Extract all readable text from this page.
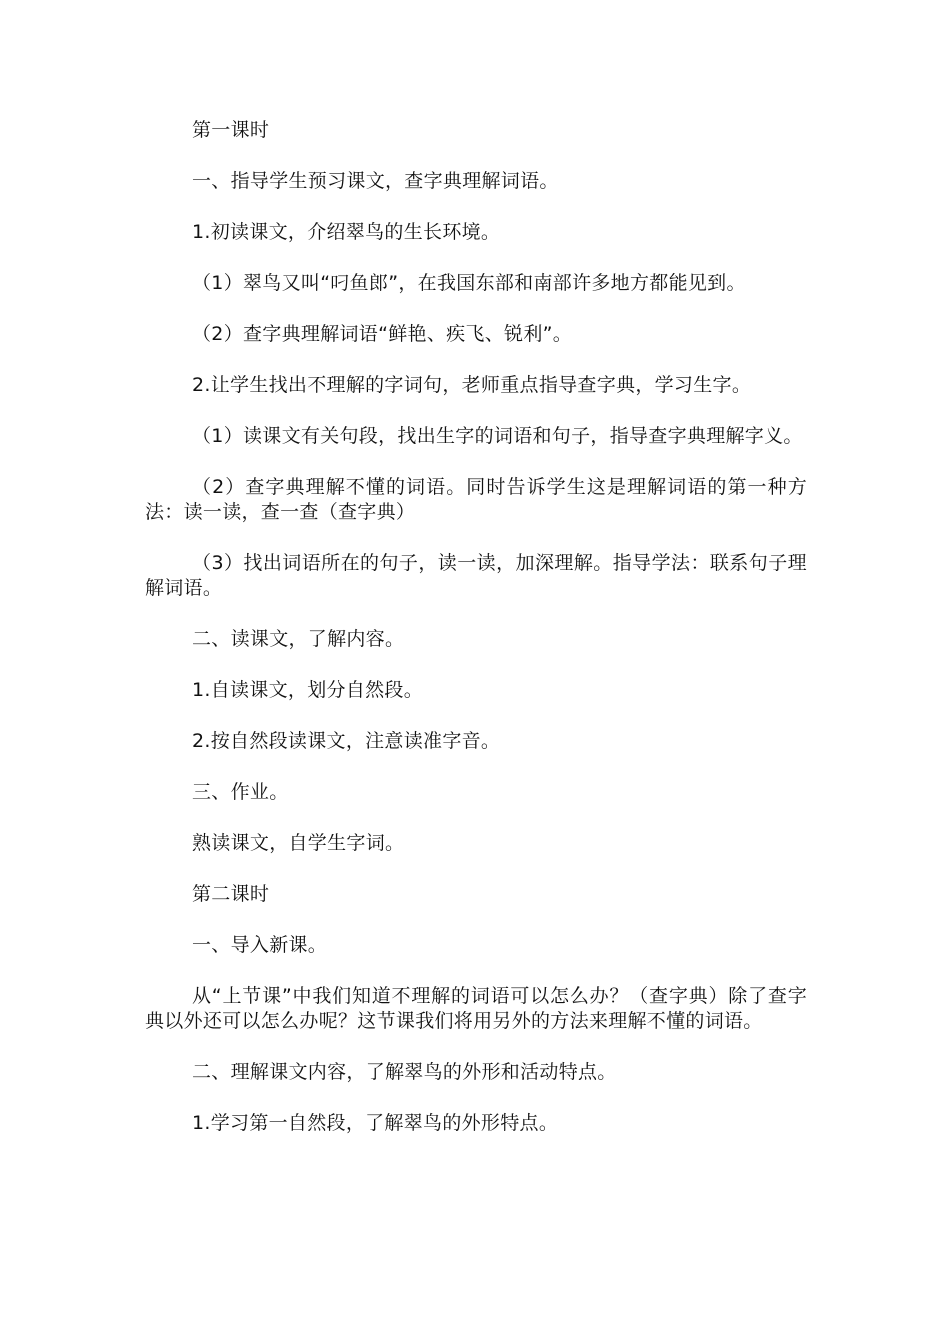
第一课时

一、指导学生预习课文，查字典理解词语。

1.初读课文，介绍翠鸟的生长环境。

（1）翠鸟又叫“叼鱼郎”，在我国东部和南部许多地方都能见到。

（2）查字典理解词语“鲜艳、疾飞、锐利”。

2.让学生找出不理解的字词句，老师重点指导查字典，学习生字。

（1）读课文有关句段，找出生字的词语和句子，指导查字典理解字义。

（2）查字典理解不懂的词语。同时告诉学生这是理解词语的第一种方法：读一读，查一查（查字典）

（3）找出词语所在的句子，读一读，加深理解。指导学法：联系句子理解词语。

二、读课文，了解内容。

1.自读课文，划分自然段。

2.按自然段读课文，注意读准字音。

三、作业。

熟读课文，自学生字词。

第二课时

一、导入新课。

从“上节课”中我们知道不理解的词语可以怎么办？（查字典）除了查字典以外还可以怎么办呢？这节课我们将用另外的方法来理解不懂的词语。

二、理解课文内容，了解翠鸟的外形和活动特点。

1.学习第一自然段，了解翠鸟的外形特点。
